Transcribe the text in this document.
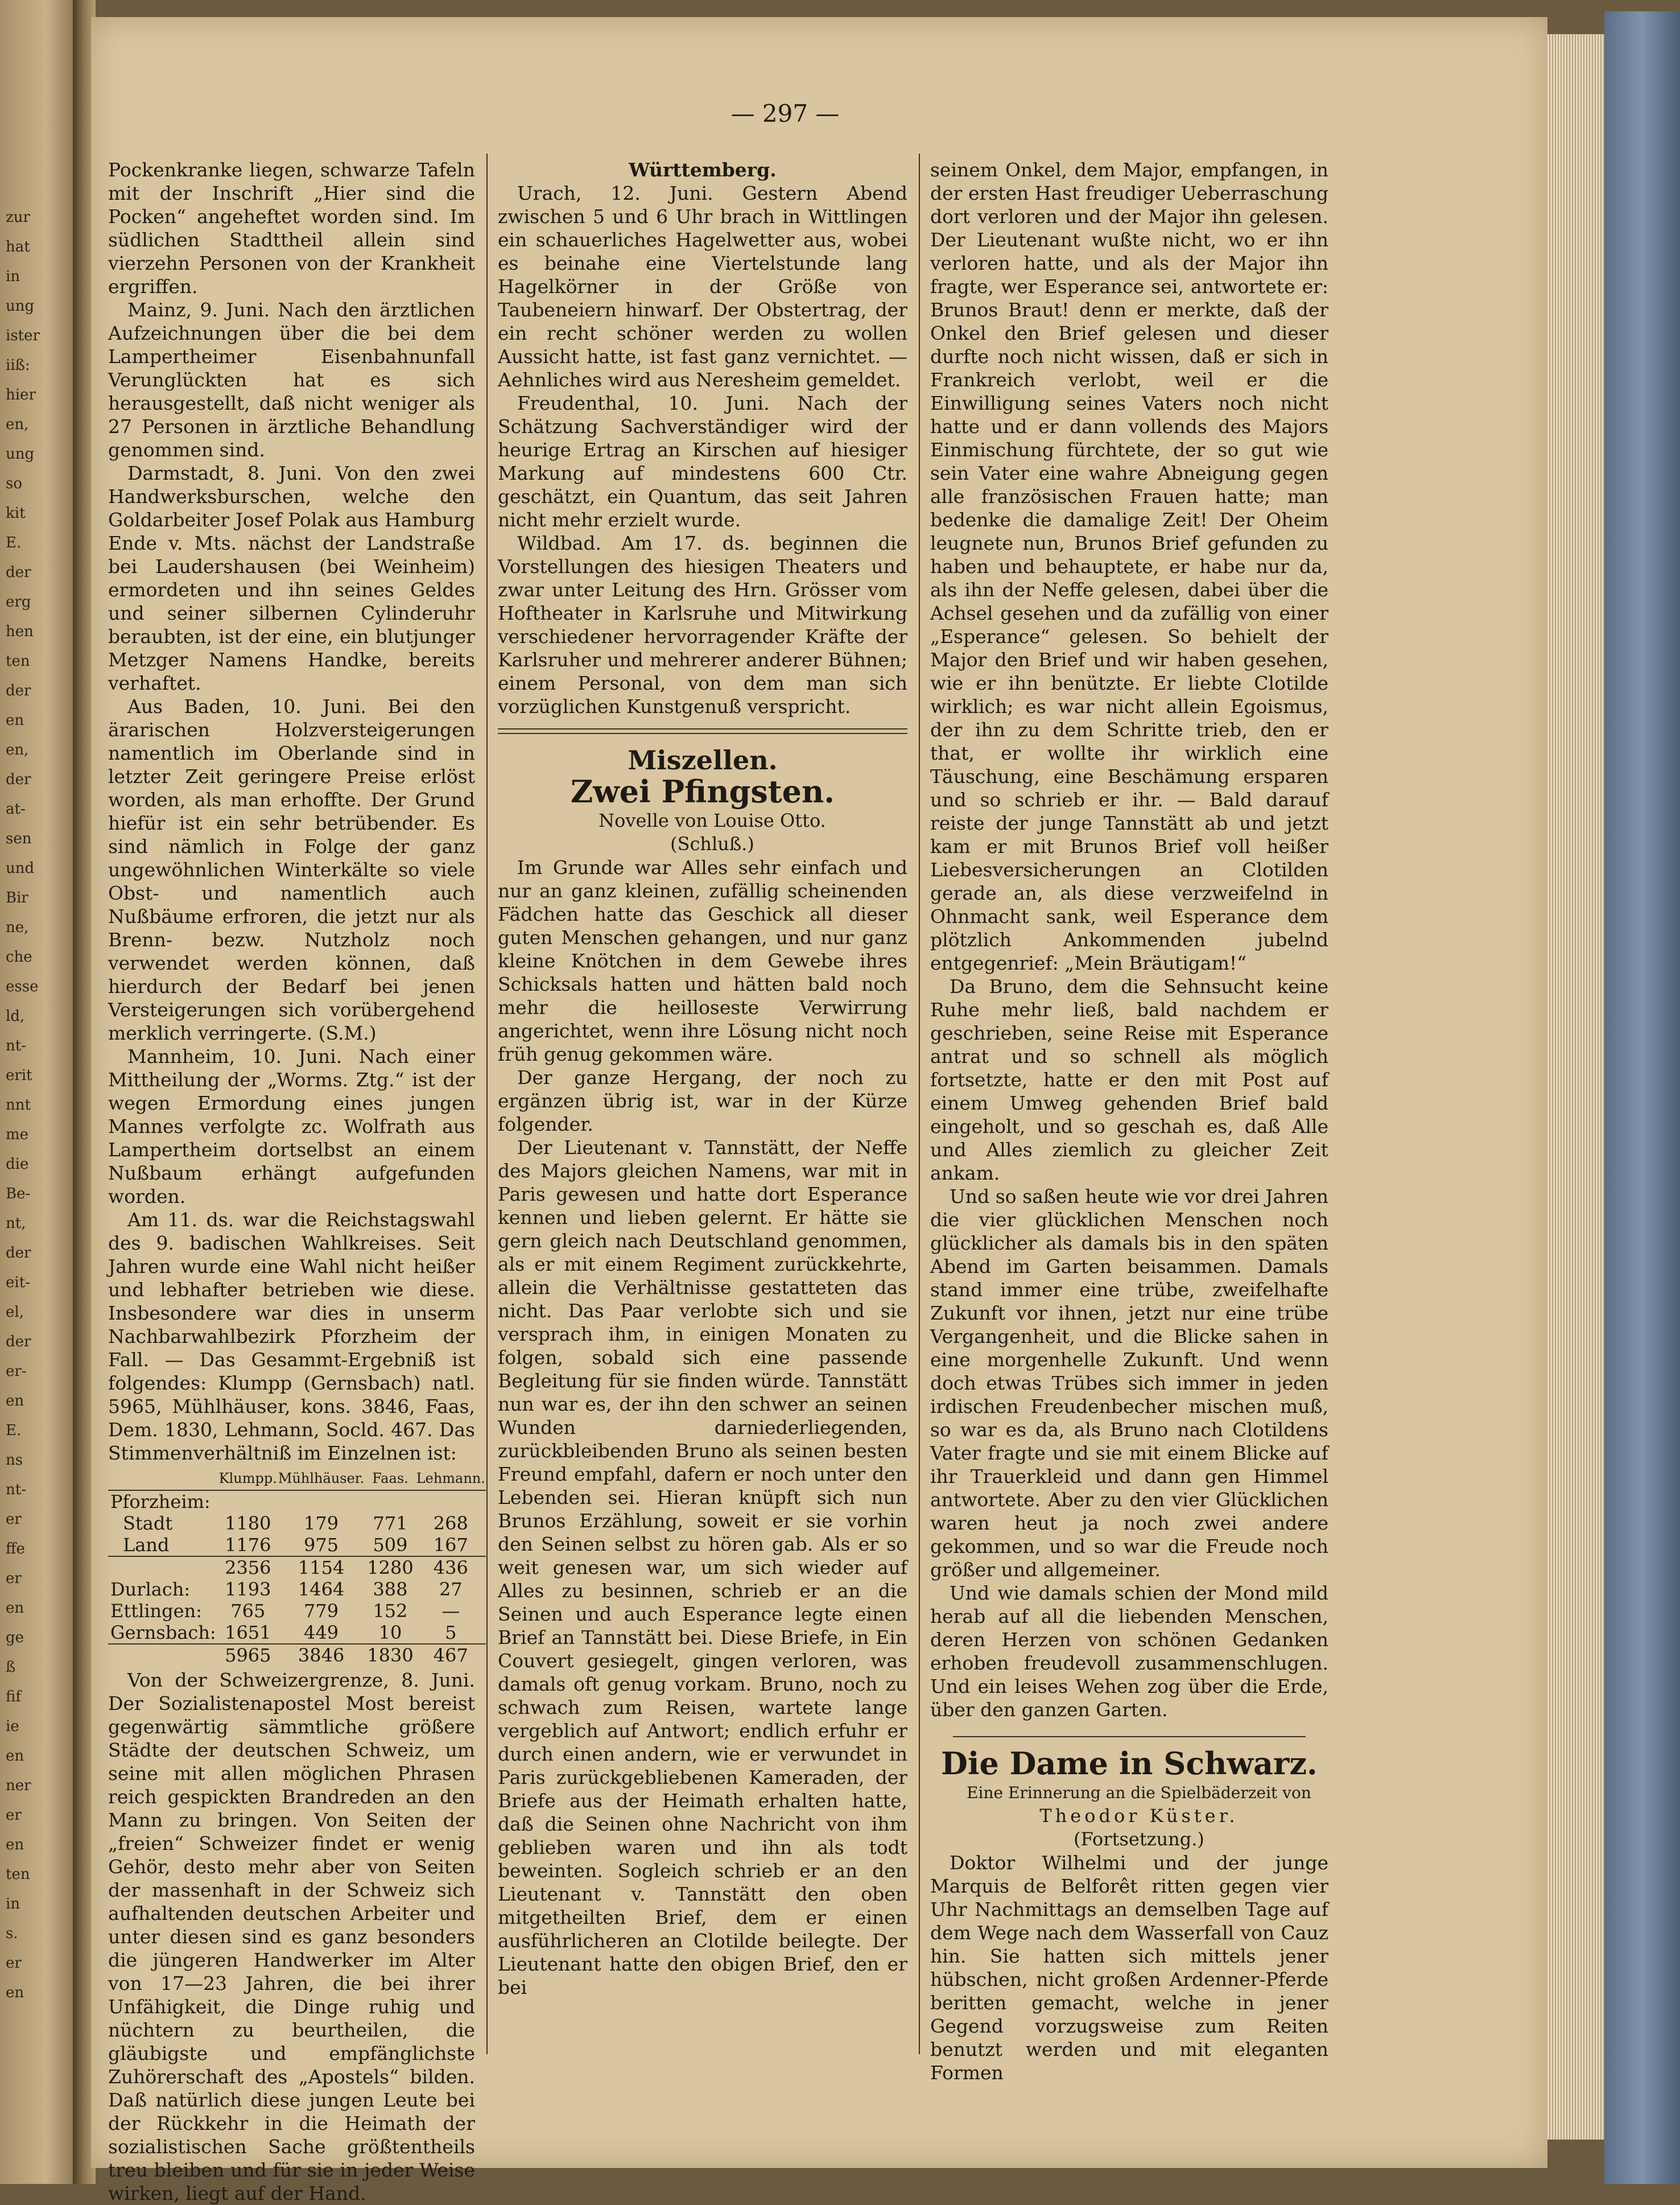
zur
hat
in
ung
ister
iiß:
hier
en,
ung
so
kit
E.
der
erg
hen
ten
der
en
en,
der
at-
sen
und
Bir
ne,
che
esse
ld,
nt-
erit
nnt
me
die
Be-
nt,
der
eit-
el,
der
er-
en
E.
ns
nt-
er
ffe
er
en
ge
ß
fif
ie
en
ner
er
en
ten
in
s.
er
en
— 297 —

Pockenkranke liegen, schwarze Tafeln mit der Inschrift „Hier sind die Pocken“ angeheftet worden sind. Im südlichen Stadttheil allein sind vierzehn Personen von der Krankheit ergriffen.

Mainz, 9. Juni. Nach den ärztlichen Aufzeichnungen über die bei dem Lampertheimer Eisenbahnunfall Verunglückten hat es sich herausgestellt, daß nicht weniger als 27 Personen in ärztliche Behandlung genommen sind.

Darmstadt, 8. Juni. Von den zwei Handwerksburschen, welche den Goldarbeiter Josef Polak aus Hamburg Ende v. Mts. nächst der Landstraße bei Laudershausen (bei Weinheim) ermordeten und ihn seines Geldes und seiner silbernen Cylinderuhr beraubten, ist der eine, ein blutjunger Metzger Namens Handke, bereits verhaftet.

Aus Baden, 10. Juni. Bei den ärarischen Holzversteigerungen namentlich im Oberlande sind in letzter Zeit geringere Preise erlöst worden, als man erhoffte. Der Grund hiefür ist ein sehr betrübender. Es sind nämlich in Folge der ganz ungewöhnlichen Winterkälte so viele Obst- und namentlich auch Nußbäume erfroren, die jetzt nur als Brenn- bezw. Nutzholz noch verwendet werden können, daß hierdurch der Bedarf bei jenen Versteigerungen sich vorübergehend merklich verringerte. (S.M.)

Mannheim, 10. Juni. Nach einer Mittheilung der „Worms. Ztg.“ ist der wegen Ermordung eines jungen Mannes verfolgte zc. Wolfrath aus Lampertheim dortselbst an einem Nußbaum erhängt aufgefunden worden.

Am 11. ds. war die Reichstagswahl des 9. badischen Wahlkreises. Seit Jahren wurde eine Wahl nicht heißer und lebhafter betrieben wie diese. Insbesondere war dies in unserm Nachbarwahlbezirk Pforzheim der Fall. — Das Gesammt-Ergebniß ist folgendes: Klumpp (Gernsbach) natl. 5965, Mühlhäuser, kons. 3846, Faas, Dem. 1830, Lehmann, Socld. 467. Das Stimmenverhältniß im Einzelnen ist:

	Klumpp.	Mühlhäuser.	Faas.	Lehmann.
Pforzheim:				
Stadt	1180	179	771	268
Land	1176	975	509	167
	2356	1154	1280	436
Durlach:	1193	1464	388	27
Ettlingen:	765	779	152	—
Gernsbach:	1651	449	10	5
	5965	3846	1830	467

Von der Schweizergrenze, 8. Juni. Der Sozialistenapostel Most bereist gegenwärtig sämmtliche größere Städte der deutschen Schweiz, um seine mit allen möglichen Phrasen reich gespickten Brandreden an den Mann zu bringen. Von Seiten der „freien“ Schweizer findet er wenig Gehör, desto mehr aber von Seiten der massenhaft in der Schweiz sich aufhaltenden deutschen Arbeiter und unter diesen sind es ganz besonders die jüngeren Handwerker im Alter von 17—23 Jahren, die bei ihrer Unfähigkeit, die Dinge ruhig und nüchtern zu beurtheilen, die gläubigste und empfänglichste Zuhörerschaft des „Apostels“ bilden. Daß natürlich diese jungen Leute bei der Rückkehr in die Heimath der sozialistischen Sache größtentheils treu bleiben und für sie in jeder Weise wirken, liegt auf der Hand.

Württemberg.

Urach, 12. Juni. Gestern Abend zwischen 5 und 6 Uhr brach in Wittlingen ein schauerliches Hagelwetter aus, wobei es beinahe eine Viertelstunde lang Hagelkörner in der Größe von Taubeneiern hinwarf. Der Obstertrag, der ein recht schöner werden zu wollen Aussicht hatte, ist fast ganz vernichtet. — Aehnliches wird aus Neresheim gemeldet.

Freudenthal, 10. Juni. Nach der Schätzung Sachverständiger wird der heurige Ertrag an Kirschen auf hiesiger Markung auf mindestens 600 Ctr. geschätzt, ein Quantum, das seit Jahren nicht mehr erzielt wurde.

Wildbad. Am 17. ds. beginnen die Vorstellungen des hiesigen Theaters und zwar unter Leitung des Hrn. Grösser vom Hoftheater in Karlsruhe und Mitwirkung verschiedener hervorragender Kräfte der Karlsruher und mehrerer anderer Bühnen; einem Personal, von dem man sich vorzüglichen Kunstgenuß verspricht.

Miszellen.
Zwei Pfingsten.

Novelle von Louise Otto.

(Schluß.)

Im Grunde war Alles sehr einfach und nur an ganz kleinen, zufällig scheinenden Fädchen hatte das Geschick all dieser guten Menschen gehangen, und nur ganz kleine Knötchen in dem Gewebe ihres Schicksals hatten und hätten bald noch mehr die heilloseste Verwirrung angerichtet, wenn ihre Lösung nicht noch früh genug gekommen wäre.

Der ganze Hergang, der noch zu ergänzen übrig ist, war in der Kürze folgender.

Der Lieutenant v. Tannstätt, der Neffe des Majors gleichen Namens, war mit in Paris gewesen und hatte dort Esperance kennen und lieben gelernt. Er hätte sie gern gleich nach Deutschland genommen, als er mit einem Regiment zurückkehrte, allein die Verhältnisse gestatteten das nicht. Das Paar verlobte sich und sie versprach ihm, in einigen Monaten zu folgen, sobald sich eine passende Begleitung für sie finden würde. Tannstätt nun war es, der ihn den schwer an seinen Wunden darniederliegenden, zurückbleibenden Bruno als seinen besten Freund empfahl, dafern er noch unter den Lebenden sei. Hieran knüpft sich nun Brunos Erzählung, soweit er sie vorhin den Seinen selbst zu hören gab. Als er so weit genesen war, um sich wieder auf Alles zu besinnen, schrieb er an die Seinen und auch Esperance legte einen Brief an Tannstätt bei. Diese Briefe, in Ein Couvert gesiegelt, gingen verloren, was damals oft genug vorkam. Bruno, noch zu schwach zum Reisen, wartete lange vergeblich auf Antwort; endlich erfuhr er durch einen andern, wie er verwundet in Paris zurückgebliebenen Kameraden, der Briefe aus der Heimath erhalten hatte, daß die Seinen ohne Nachricht von ihm geblieben waren und ihn als todt beweinten. Sogleich schrieb er an den Lieutenant v. Tannstätt den oben mitgetheilten Brief, dem er einen ausführlicheren an Clotilde beilegte. Der Lieutenant hatte den obigen Brief, den er bei

seinem Onkel, dem Major, empfangen, in der ersten Hast freudiger Ueberraschung dort verloren und der Major ihn gelesen. Der Lieutenant wußte nicht, wo er ihn verloren hatte, und als der Major ihn fragte, wer Esperance sei, antwortete er: Brunos Braut! denn er merkte, daß der Onkel den Brief gelesen und dieser durfte noch nicht wissen, daß er sich in Frankreich verlobt, weil er die Einwilligung seines Vaters noch nicht hatte und er dann vollends des Majors Einmischung fürchtete, der so gut wie sein Vater eine wahre Abneigung gegen alle französischen Frauen hatte; man bedenke die damalige Zeit! Der Oheim leugnete nun, Brunos Brief gefunden zu haben und behauptete, er habe nur da, als ihn der Neffe gelesen, dabei über die Achsel gesehen und da zufällig von einer „Esperance“ gelesen. So behielt der Major den Brief und wir haben gesehen, wie er ihn benützte. Er liebte Clotilde wirklich; es war nicht allein Egoismus, der ihn zu dem Schritte trieb, den er that, er wollte ihr wirklich eine Täuschung, eine Beschämung ersparen und so schrieb er ihr. — Bald darauf reiste der junge Tannstätt ab und jetzt kam er mit Brunos Brief voll heißer Liebesversicherungen an Clotilden gerade an, als diese verzweifelnd in Ohnmacht sank, weil Esperance dem plötzlich Ankommenden jubelnd entgegenrief: „Mein Bräutigam!“

Da Bruno, dem die Sehnsucht keine Ruhe mehr ließ, bald nachdem er geschrieben, seine Reise mit Esperance antrat und so schnell als möglich fortsetzte, hatte er den mit Post auf einem Umweg gehenden Brief bald eingeholt, und so geschah es, daß Alle und Alles ziemlich zu gleicher Zeit ankam.

Und so saßen heute wie vor drei Jahren die vier glücklichen Menschen noch glücklicher als damals bis in den späten Abend im Garten beisammen. Damals stand immer eine trübe, zweifelhafte Zukunft vor ihnen, jetzt nur eine trübe Vergangenheit, und die Blicke sahen in eine morgenhelle Zukunft. Und wenn doch etwas Trübes sich immer in jeden irdischen Freudenbecher mischen muß, so war es da, als Bruno nach Clotildens Vater fragte und sie mit einem Blicke auf ihr Trauerkleid und dann gen Himmel antwortete. Aber zu den vier Glücklichen waren heut ja noch zwei andere gekommen, und so war die Freude noch größer und allgemeiner.

Und wie damals schien der Mond mild herab auf all die liebenden Menschen, deren Herzen von schönen Gedanken erhoben freudevoll zusammenschlugen. Und ein leises Wehen zog über die Erde, über den ganzen Garten.

Die Dame in Schwarz.

Eine Erinnerung an die Spielbäderzeit von

Theodor Küster.

(Fortsetzung.)

Doktor Wilhelmi und der junge Marquis de Belforêt ritten gegen vier Uhr Nachmittags an demselben Tage auf dem Wege nach dem Wasserfall von Cauz hin. Sie hatten sich mittels jener hübschen, nicht großen Ardenner-Pferde beritten gemacht, welche in jener Gegend vorzugsweise zum Reiten benutzt werden und mit eleganten Formen
